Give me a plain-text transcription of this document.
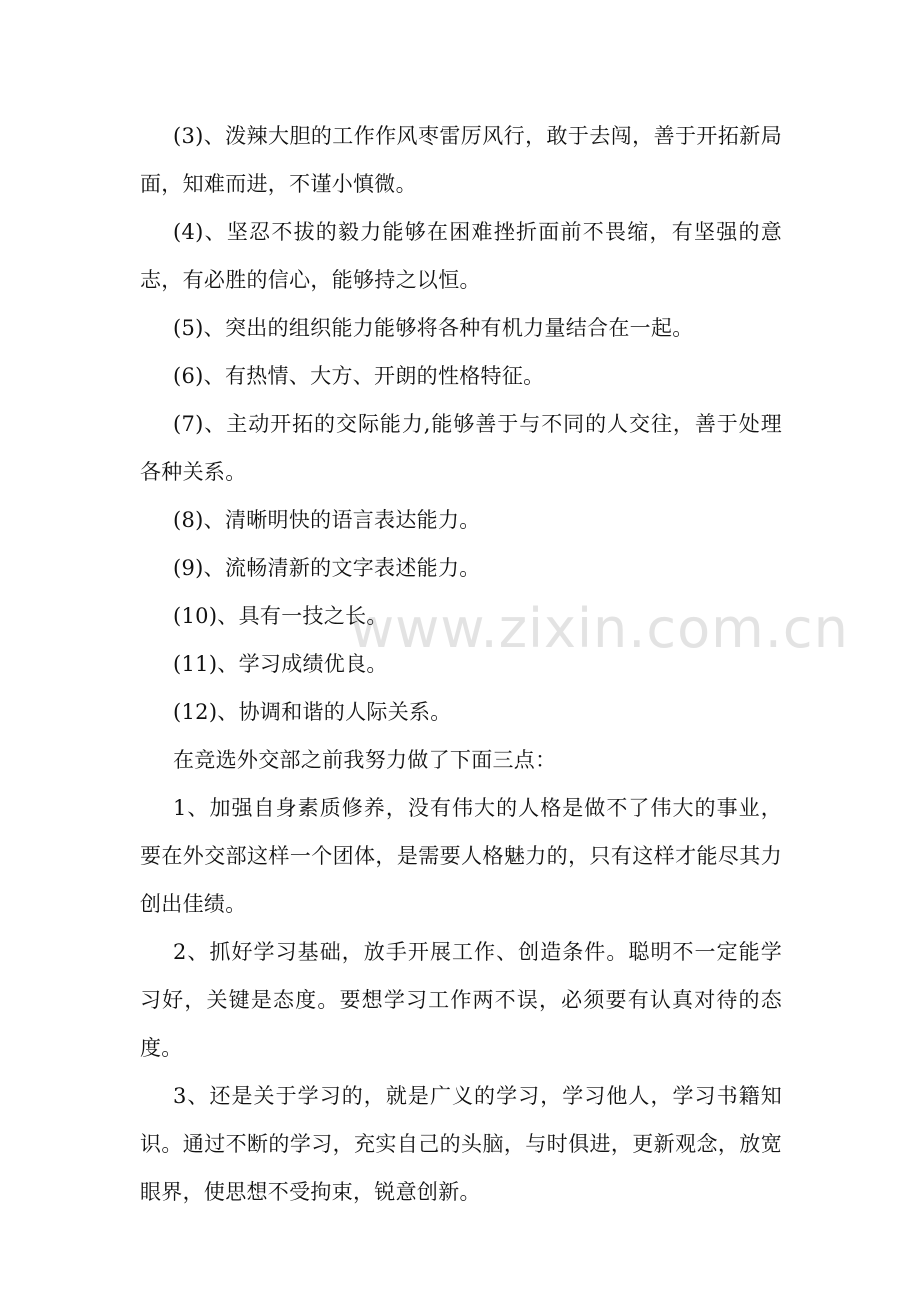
www.zixin.com.cn

(3)、泼辣大胆的工作作风枣雷厉风行，敢于去闯，善于开拓新局面，知难而进，不谨小慎微。

(4)、坚忍不拔的毅力能够在困难挫折面前不畏缩，有坚强的意志，有必胜的信心，能够持之以恒。

(5)、突出的组织能力能够将各种有机力量结合在一起。

(6)、有热情、大方、开朗的性格特征。

(7)、主动开拓的交际能力,能够善于与不同的人交往，善于处理各种关系。

(8)、清晰明快的语言表达能力。

(9)、流畅清新的文字表述能力。

(10)、具有一技之长。

(11)、学习成绩优良。

(12)、协调和谐的人际关系。

在竞选外交部之前我努力做了下面三点：

1、加强自身素质修养，没有伟大的人格是做不了伟大的事业，要在外交部这样一个团体，是需要人格魅力的，只有这样才能尽其力创出佳绩。

2、抓好学习基础，放手开展工作、创造条件。聪明不一定能学习好，关键是态度。要想学习工作两不误，必须要有认真对待的态度。

3、还是关于学习的，就是广义的学习，学习他人，学习书籍知识。通过不断的学习，充实自己的头脑，与时俱进，更新观念，放宽眼界，使思想不受拘束，锐意创新。
